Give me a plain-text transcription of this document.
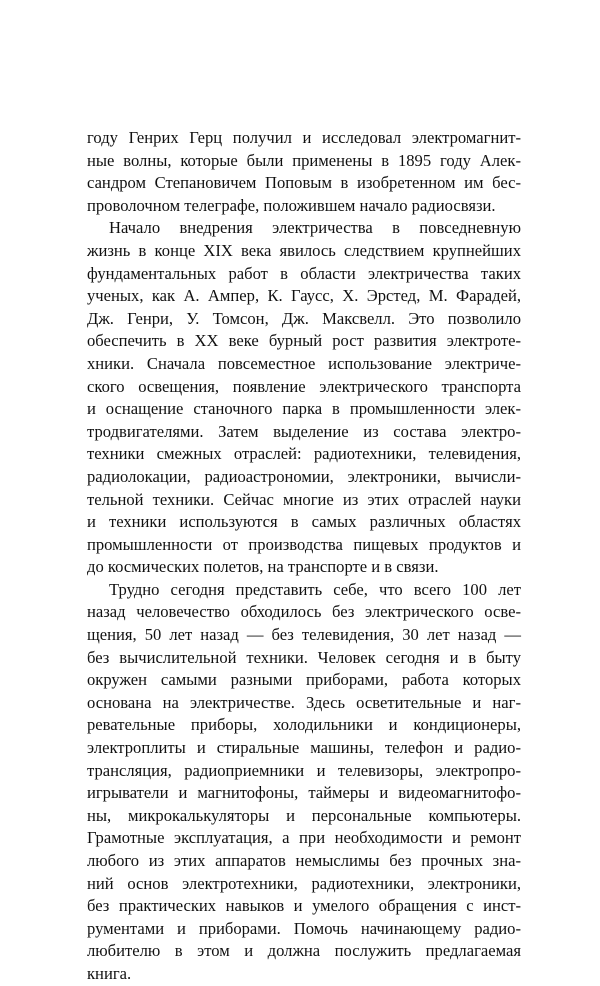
году Генрих Герц получил и исследовал электромагнит-
ные волны, которые были применены в 1895 году Алек-
сандром Степановичем Поповым в изобретенном им бес-
проволочном телеграфе, положившем начало радиосвязи.
Начало внедрения электричества в повседневную
жизнь в конце XIX века явилось следствием крупнейших
фундаментальных работ в области электричества таких
ученых, как А. Ампер, К. Гаусс, Х. Эрстед, М. Фарадей,
Дж. Генри, У. Томсон, Дж. Максвелл. Это позволило
обеспечить в XX веке бурный рост развития электроте-
хники. Сначала повсеместное использование электриче-
ского освещения, появление электрического транспорта
и оснащение станочного парка в промышленности элек-
тродвигателями. Затем выделение из состава электро-
техники смежных отраслей: радиотехники, телевидения,
радиолокации, радиоастрономии, электроники, вычисли-
тельной техники. Сейчас многие из этих отраслей науки
и техники используются в самых различных областях
промышленности от производства пищевых продуктов и
до космических полетов, на транспорте и в связи.
Трудно сегодня представить себе, что всего 100 лет
назад человечество обходилось без электрического осве-
щения, 50 лет назад — без телевидения, 30 лет назад —
без вычислительной техники. Человек сегодня и в быту
окружен самыми разными приборами, работа которых
основана на электричестве. Здесь осветительные и наг-
ревательные приборы, холодильники и кондиционеры,
электроплиты и стиральные машины, телефон и радио-
трансляция, радиоприемники и телевизоры, электропро-
игрыватели и магнитофоны, таймеры и видеомагнитофо-
ны, микрокалькуляторы и персональные компьютеры.
Грамотные эксплуатация, а при необходимости и ремонт
любого из этих аппаратов немыслимы без прочных зна-
ний основ электротехники, радиотехники, электроники,
без практических навыков и умелого обращения с инст-
рументами и приборами. Помочь начинающему радио-
любителю в этом и должна послужить предлагаемая
книга.
